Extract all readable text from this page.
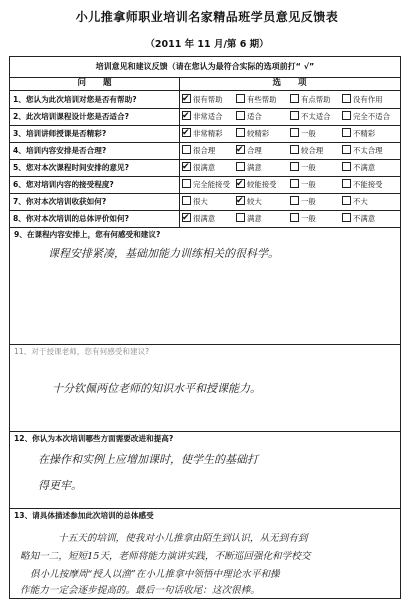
小儿推拿师职业培训名家精品班学员意见反馈表
（2011 年 11 月/第 6 期）
培训意见和建议反馈（请在您认为最符合实际的选项前打“ √”
问　　题	选　　项
1、您认为此次培训对您是否有帮助? ✔	很有帮助	有些帮助	有点帮助	没有作用
2、此次培训课程设计您是否适合? ✔	非常适合	适合	不太适合	完全不适合
3、培训讲师授课是否精彩? ✔	非常精彩	较精彩	一般	不精彩
4、培训内容安排是否合理?	很合理 ✔	合理	较合理	不太合理
5、您对本次课程时间安排的意见? ✔	很满意	满意	一般	不满意
6、您对培训内容的接受程度?	完全能接受 ✔	较能接受	一般	不能接受
7、你对本次培训收获如何?	很大 ✔	较大	一般	不大
8、你对本次培训的总体评价如何? ✔	很满意	满意	一般	不满意
9、在课程内容安排上，您有何感受和建议?
课程安排紧凑，基础加能力训练相关的很科学。
11、对于授课老师，您有何感受和建议?
十分钦佩两位老师的知识水平和授课能力。
12、你认为本次培训哪些方面需要改进和提高?
在操作和实例上应增加课时，使学生的基础打
得更牢。
13、请具体描述参加此次培训的总体感受
十五天的培训，使我对小儿推拿由陌生到认识，从无到有到
略知一二，短短15天，老师将能力演讲实践，不断巡回强化和学校交
俱小儿按摩周“授人以渔”在小儿推拿中领悟中理论水平和操
作能力一定会逐步提高的。最后一句话收尾：这次很棒。
